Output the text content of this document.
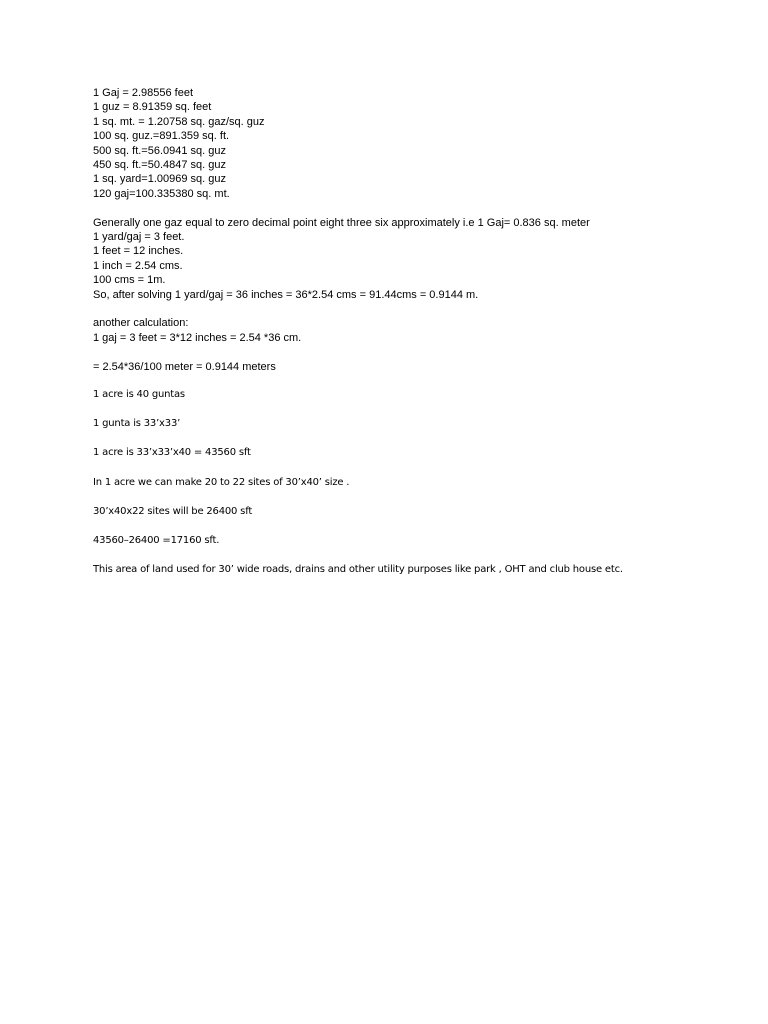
1 Gaj = 2.98556 feet
1 guz = 8.91359 sq. feet
1 sq. mt. = 1.20758 sq. gaz/sq. guz
100 sq. guz.=891.359 sq. ft.
500 sq. ft.=56.0941 sq. guz
450 sq. ft.=50.4847 sq. guz
1 sq. yard=1.00969 sq. guz
120 gaj=100.335380 sq. mt.
Generally one gaz equal to zero decimal point eight three six approximately i.e 1 Gaj= 0.836 sq. meter
1 yard/gaj = 3 feet.
1 feet = 12 inches.
1 inch = 2.54 cms.
100 cms = 1m.
So, after solving 1 yard/gaj = 36 inches = 36*2.54 cms = 91.44cms = 0.9144 m.
another calculation:
1 gaj = 3 feet = 3*12 inches = 2.54 *36 cm.
= 2.54*36/100 meter = 0.9144 meters
1 acre is 40 guntas
1 gunta is 33’x33’
1 acre is 33’x33’x40 = 43560 sft
In 1 acre we can make 20 to 22 sites of 30’x40’ size .
30’x40x22 sites will be 26400 sft
43560–26400 =17160 sft.
This area of land used for 30’ wide roads, drains and other utility purposes like park , OHT and club house etc.
